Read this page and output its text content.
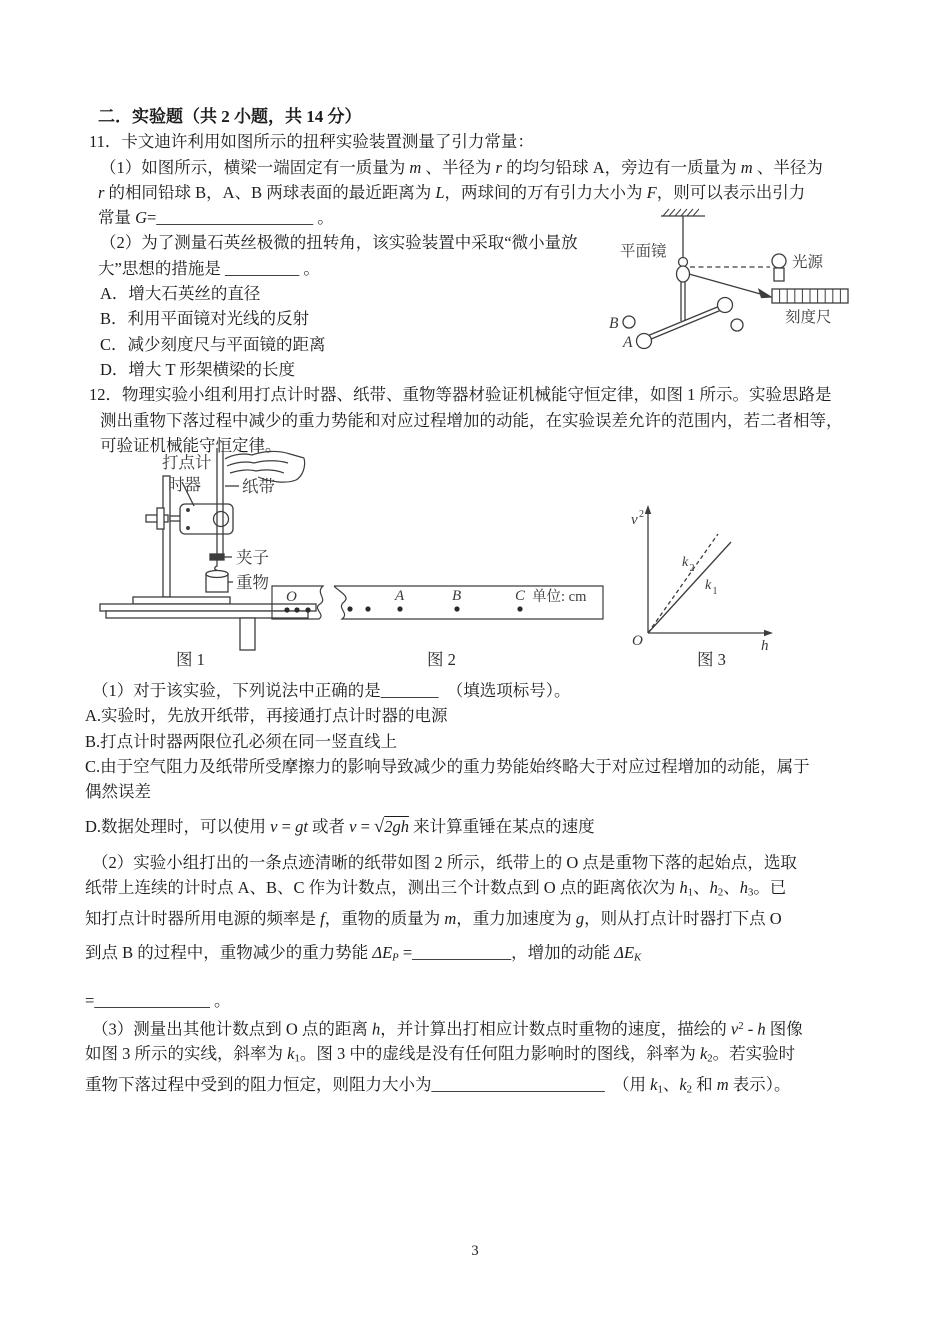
二．实验题（共 2 小题，共 14 分）
11．卡文迪许利用如图所示的扭秤实验装置测量了引力常量：
（1）如图所示，横梁一端固定有一质量为 m 、半径为 r 的均匀铅球 A，旁边有一质量为 m 、半径为
r 的相同铅球 B，A、B 两球表面的最近距离为 L，两球间的万有引力大小为 F，则可以表示出引力
常量 G=___________________ 。
（2）为了测量石英丝极微的扭转角，该实验装置中采取“微小量放
大”思想的措施是 _________ 。
A．增大石英丝的直径
B．利用平面镜对光线的反射
C．减少刻度尺与平面镜的距离
D．增大 T 形架横梁的长度
12．物理实验小组利用打点计时器、纸带、重物等器材验证机械能守恒定律，如图 1 所示。实验思路是
测出重物下落过程中减少的重力势能和对应过程增加的动能，在实验误差允许的范围内，若二者相等，
可验证机械能守恒定律。
（1）对于该实验，下列说法中正确的是_______　（填选项标号）。
A.实验时，先放开纸带，再接通打点计时器的电源
B.打点计时器两限位孔必须在同一竖直线上
C.由于空气阻力及纸带所受摩擦力的影响导致减少的重力势能始终略大于对应过程增加的动能，属于
偶然误差
D.数据处理时，可以使用 v = gt 或者 v = √2gh 来计算重锤在某点的速度
（2）实验小组打出的一条点迹清晰的纸带如图 2 所示，纸带上的 O 点是重物下落的起始点，选取
纸带上连续的计时点 A、B、C 作为计数点，测出三个计数点到 O 点的距离依次为 $h_1$、$h_2$、$h_3$。已
知打点计时器所用电源的频率是 f，重物的质量为 m，重力加速度为 g，则从打点计时器打下点 O
到点 B 的过程中，重物减少的重力势能 $\Delta E_P$ =____________，增加的动能 $\Delta E_K$
=______________ 。
（3）测量出其他计数点到 O 点的距离 h，并计算出打相应计数点时重物的速度，描绘的 $v^2$ - h 图像
如图 3 所示的实线，斜率为 $k_1$。图 3 中的虚线是没有任何阻力影响时的图线，斜率为 $k_2$。若实验时
重物下落过程中受到的阻力恒定，则阻力大小为_____________________　（用 $k_1$、$k_2$ 和 m 表示）。
平面镜
光源
刻度尺
B
A
打点计
时器 纸带
夹子
重物
图 1
O	A	B	C 单位: cm
图 2
v 2
O	h
k 2
k 1
图 3
3
